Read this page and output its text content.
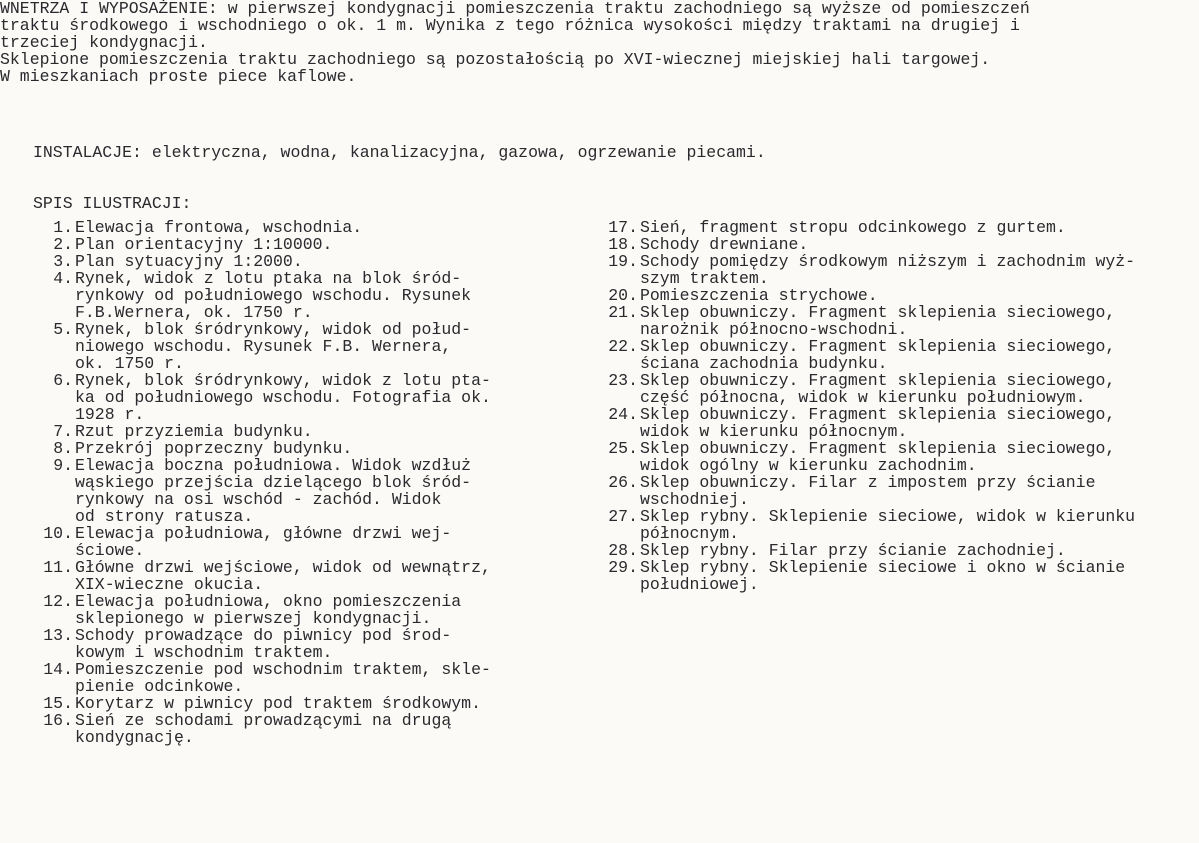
WNETRZA I WYPOSAŻENIE: w pierwszej kondygnacji pomieszczenia traktu zachodniego są wyższe od pomieszczeń
traktu środkowego i wschodniego o ok. 1 m. Wynika z tego różnica wysokości między traktami na drugiej i
trzeciej kondygnacji.
Sklepione pomieszczenia traktu zachodniego są pozostałością po XVI-wiecznej miejskiej hali targowej.
W mieszkaniach proste piece kaflowe.
INSTALACJE: elektryczna, wodna, kanalizacyjna, gazowa, ogrzewanie piecami.
SPIS ILUSTRACJI:
1. Elewacja frontowa, wschodnia.
2. Plan orientacyjny 1:10000.
3. Plan sytuacyjny 1:2000.
4. Rynek, widok z lotu ptaka na blok śród-
rynkowy od południowego wschodu. Rysunek
F.B.Wernera, ok. 1750 r.
5. Rynek, blok śródrynkowy, widok od połud-
niowego wschodu. Rysunek F.B. Wernera,
ok. 1750 r.
6. Rynek, blok śródrynkowy, widok z lotu pta-
ka od południowego wschodu. Fotografia ok.
1928 r.
7. Rzut przyziemia budynku.
8. Przekrój poprzeczny budynku.
9. Elewacja boczna południowa. Widok wzdłuż
wąskiego przejścia dzielącego blok śród-
rynkowy na osi wschód - zachód. Widok
od strony ratusza.
10. Elewacja południowa, główne drzwi wej-
ściowe.
11. Główne drzwi wejściowe, widok od wewnątrz,
XIX-wieczne okucia.
12. Elewacja południowa, okno pomieszczenia
sklepionego w pierwszej kondygnacji.
13. Schody prowadzące do piwnicy pod środ-
kowym i wschodnim traktem.
14. Pomieszczenie pod wschodnim traktem, skle-
pienie odcinkowe.
15. Korytarz w piwnicy pod traktem środkowym.
16. Sień ze schodami prowadzącymi na drugą
kondygnację.
17. Sień, fragment stropu odcinkowego z gurtem.
18. Schody drewniane.
19. Schody pomiędzy środkowym niższym i zachodnim wyż-
szym traktem.
20. Pomieszczenia strychowe.
21. Sklep obuwniczy. Fragment sklepienia sieciowego,
narożnik północno-wschodni.
22. Sklep obuwniczy. Fragment sklepienia sieciowego,
ściana zachodnia budynku.
23. Sklep obuwniczy. Fragment sklepienia sieciowego,
część północna, widok w kierunku południowym.
24. Sklep obuwniczy. Fragment sklepienia sieciowego,
widok w kierunku północnym.
25. Sklep obuwniczy. Fragment sklepienia sieciowego,
widok ogólny w kierunku zachodnim.
26. Sklep obuwniczy. Filar z impostem przy ścianie
wschodniej.
27. Sklep rybny. Sklepienie sieciowe, widok w kierunku
północnym.
28. Sklep rybny. Filar przy ścianie zachodniej.
29. Sklep rybny. Sklepienie sieciowe i okno w ścianie
południowej.
